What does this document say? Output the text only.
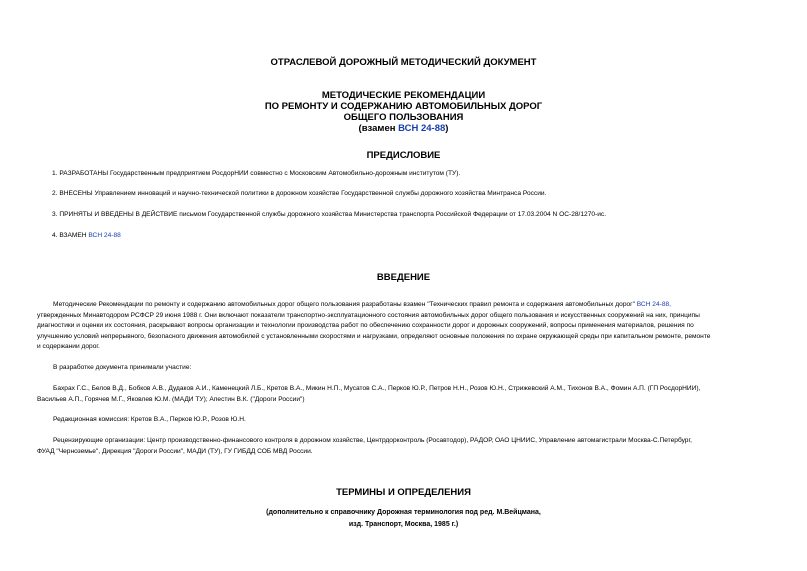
ОТРАСЛЕВОЙ ДОРОЖНЫЙ МЕТОДИЧЕСКИЙ ДОКУМЕНТ
МЕТОДИЧЕСКИЕ РЕКОМЕНДАЦИИ
ПО РЕМОНТУ И СОДЕРЖАНИЮ АВТОМОБИЛЬНЫХ ДОРОГ
ОБЩЕГО ПОЛЬЗОВАНИЯ
(взамен ВСН 24-88)
ПРЕДИСЛОВИЕ
1. РАЗРАБОТАНЫ Государственным предприятием РосдорНИИ совместно с Московским Автомобильно-дорожным институтом (ТУ).
2. ВНЕСЕНЫ Управлением инноваций и научно-технической политики в дорожном хозяйстве Государственной службы дорожного хозяйства Минтранса России.
3. ПРИНЯТЫ И ВВЕДЕНЫ В ДЕЙСТВИЕ письмом Государственной службы дорожного хозяйства Министерства транспорта Российской Федерации от 17.03.2004 N ОС-28/1270-ис.
4. ВЗАМЕН ВСН 24-88
ВВЕДЕНИЕ

Методические Рекомендации по ремонту и содержанию автомобильных дорог общего пользования разработаны взамен "Технических правил ремонта и содержания автомобильных дорог" ВСН 24-88,

утвержденных Минавтодором РСФСР 29 июня 1988 г. Они включают показатели транспортно-эксплуатационного состояния автомобильных дорог общего пользования и искусственных сооружений на них, принципы

диагностики и оценки их состояния, раскрывают вопросы организации и технологии производства работ по обеспечению сохранности дорог и дорожных сооружений, вопросы применения материалов, решения по

улучшению условий непрерывного, безопасного движения автомобилей с установленными скоростями и нагрузками, определяют основные положения по охране окружающей среды при капитальном ремонте, ремонте

и содержании дорог.

В разработке документа принимали участие:

Бахрах Г.С., Белов В.Д., Бобков А.В., Дудаков А.И., Каменецкий Л.Б., Кретов В.А., Микин Н.П., Мусатов С.А., Перков Ю.Р., Петров Н.Н., Розов Ю.Н., Стрижевский А.М., Тихонов В.А., Фомин А.П. (ГП РосдорНИИ),

Васильев А.П., Горячев М.Г., Яковлев Ю.М. (МАДИ ТУ); Апестин В.К. ("Дороги России")

Редакционная комиссия: Кретов В.А., Перков Ю.Р., Розов Ю.Н.

Рецензирующие организации: Центр производственно-финансового контроля в дорожном хозяйстве, Центрдорконтроль (Росавтодор), РАДОР, ОАО ЦНИИС, Управление автомагистрали Москва-С.Петербург,

ФУАД "Черноземье", Дирекция "Дороги России", МАДИ (ТУ), ГУ ГИБДД СОБ МВД России.

ТЕРМИНЫ И ОПРЕДЕЛЕНИЯ
(дополнительно к справочнику Дорожная терминология под ред. М.Вейцмана,
изд. Транспорт, Москва, 1985 г.)
